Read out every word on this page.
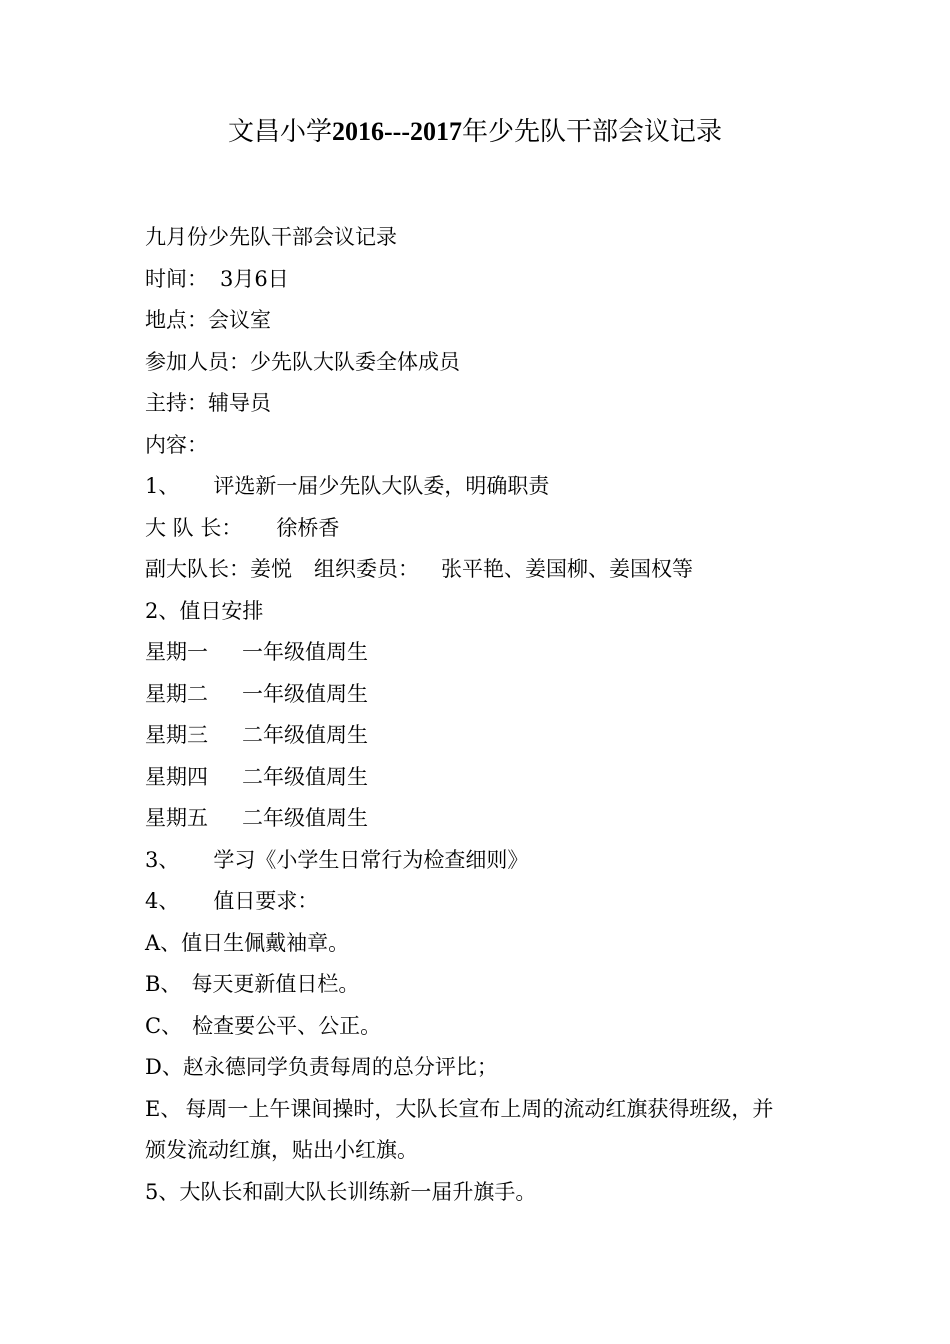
文昌小学2016---2017年少先队干部会议记录
九月份少先队干部会议记录
时间： 3月6日
地点：会议室
参加人员：少先队大队委全体成员
主持：辅导员
内容：
1、 评选新一届少先队大队委，明确职责
大 队 长： 徐桥香
副大队长：姜悦 组织委员： 张平艳、姜国柳、姜国权等
2、值日安排
星期一 一年级值周生
星期二 一年级值周生
星期三 二年级值周生
星期四 二年级值周生
星期五 二年级值周生
3、 学习《小学生日常行为检查细则》
4、 值日要求：
A、值日生佩戴袖章。
B、 每天更新值日栏。
C、 检查要公平、公正。
D、赵永德同学负责每周的总分评比；
E、 每周一上午课间操时，大队长宣布上周的流动红旗获得班级，并
颁发流动红旗，贴出小红旗。
5、大队长和副大队长训练新一届升旗手。
